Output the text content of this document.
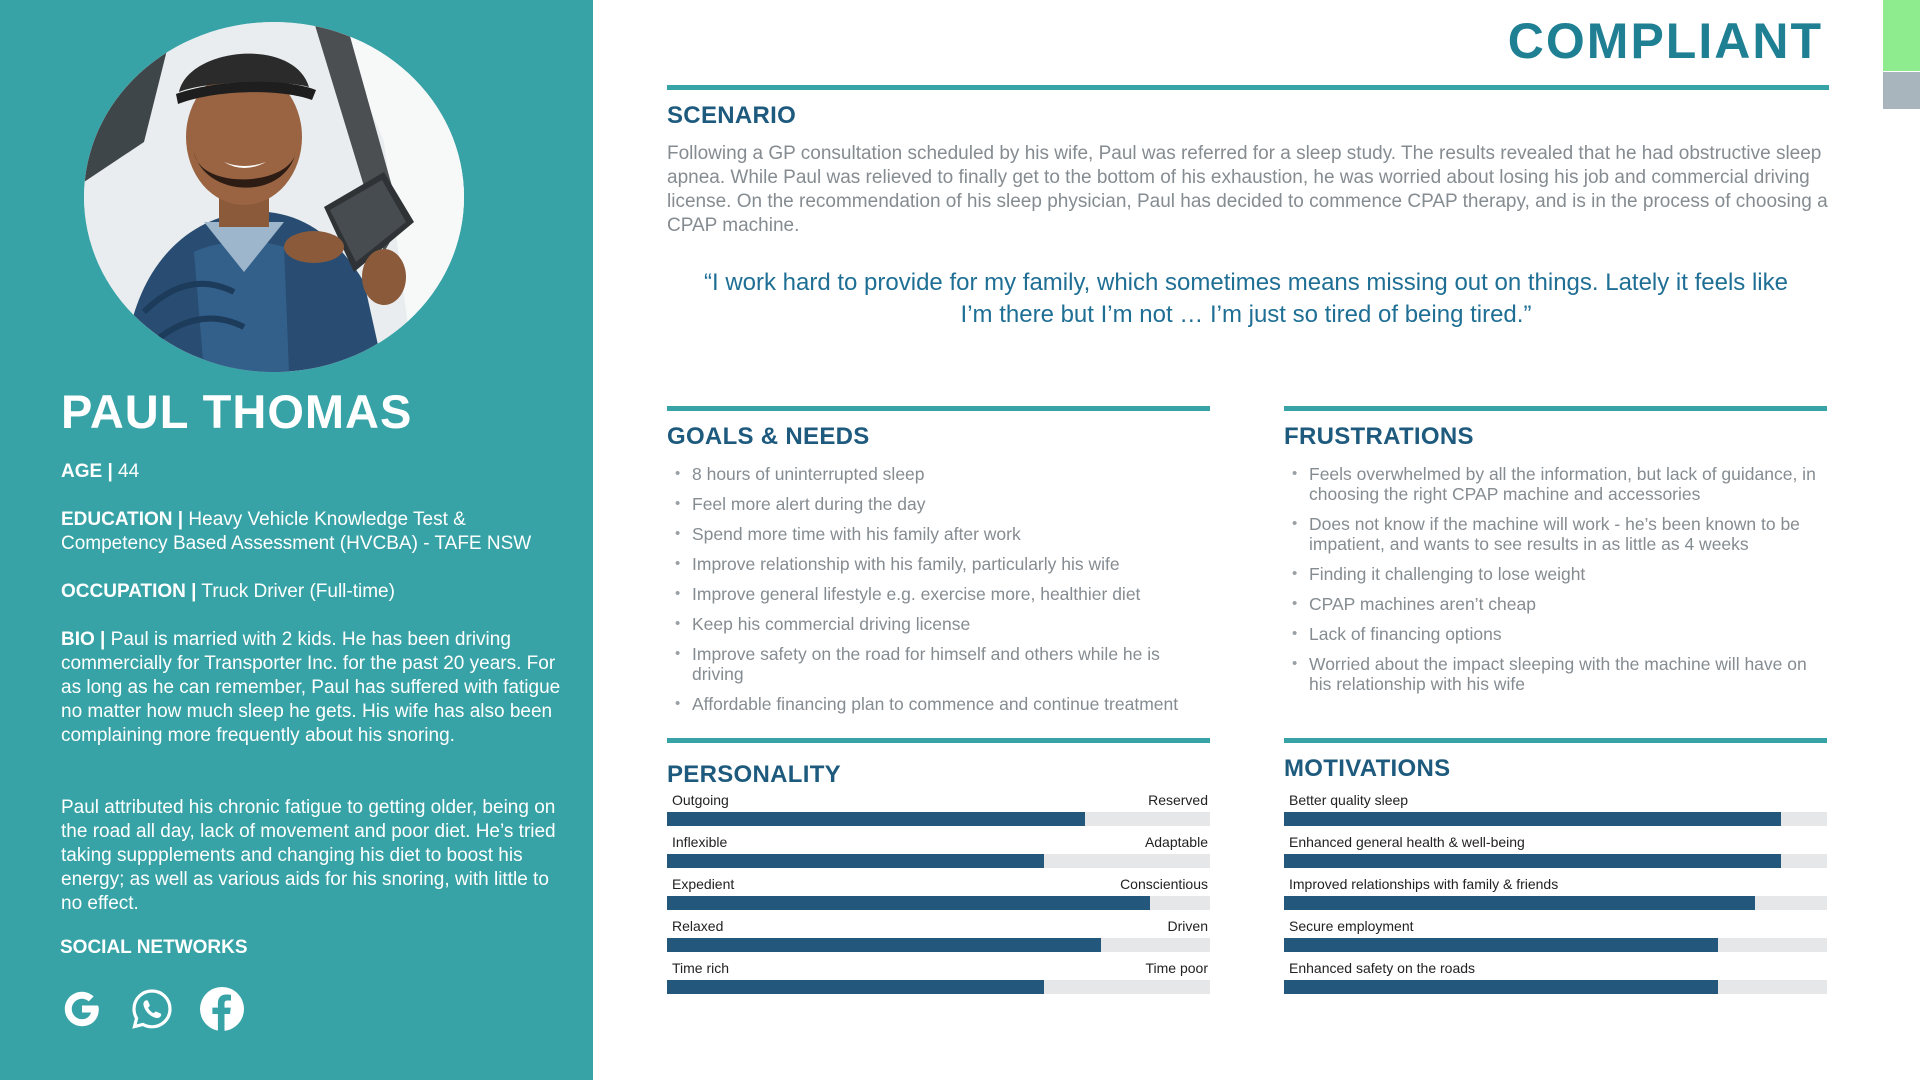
PAUL THOMAS

AGE | 44

EDUCATION | Heavy Vehicle Knowledge Test & Competency Based Assessment (HVCBA) - TAFE NSW

OCCUPATION | Truck Driver (Full-time)

BIO | Paul is married with 2 kids. He has been driving commercially for Transporter Inc. for the past 20 years. For as long as he can remember, Paul has suffered with fatigue no matter how much sleep he gets. His wife has also been complaining more frequently about his snoring.

Paul attributed his chronic fatigue to getting older, being on the road all day, lack of movement and poor diet. He’s tried taking suppplements and changing his diet to boost his energy; as well as various aids for his snoring, with little to no effect.

SOCIAL NETWORKS

COMPLIANT
SCENARIO

Following a GP consultation scheduled by his wife, Paul was referred for a sleep study. The results revealed that he had obstructive sleep apnea. While Paul was relieved to finally get to the bottom of his exhaustion, he was worried about losing his job and commercial driving license. On the recommendation of his sleep physician, Paul has decided to commence CPAP therapy, and is in the process of choosing a CPAP machine.

“I work hard to provide for my family, which sometimes means missing out on things. Lately it feels like I’m there but I’m not … I’m just so tired of being tired.”

GOALS & NEEDS
• 8 hours of uninterrupted sleep
• Feel more alert during the day
• Spend more time with his family after work
• Improve relationship with his family, particularly his wife
• Improve general lifestyle e.g. exercise more, healthier diet
• Keep his commercial driving license
• Improve safety on the road for himself and others while he is driving
• Affordable financing plan to commence and continue treatment
FRUSTRATIONS
• Feels overwhelmed by all the information, but lack of guidance, in choosing the right CPAP machine and accessories
• Does not know if the machine will work - he’s been known to be impatient, and wants to see results in as little as 4 weeks
• Finding it challenging to lose weight
• CPAP machines aren’t cheap
• Lack of financing options
• Worried about the impact sleeping with the machine will have on his relationship with his wife
PERSONALITY
Outgoing	Reserved
Inflexible	Adaptable
Expedient	Conscientious
Relaxed	Driven
Time rich	Time poor
MOTIVATIONS
Better quality sleep
Enhanced general health & well-being
Improved relationships with family & friends
Secure employment
Enhanced safety on the roads
